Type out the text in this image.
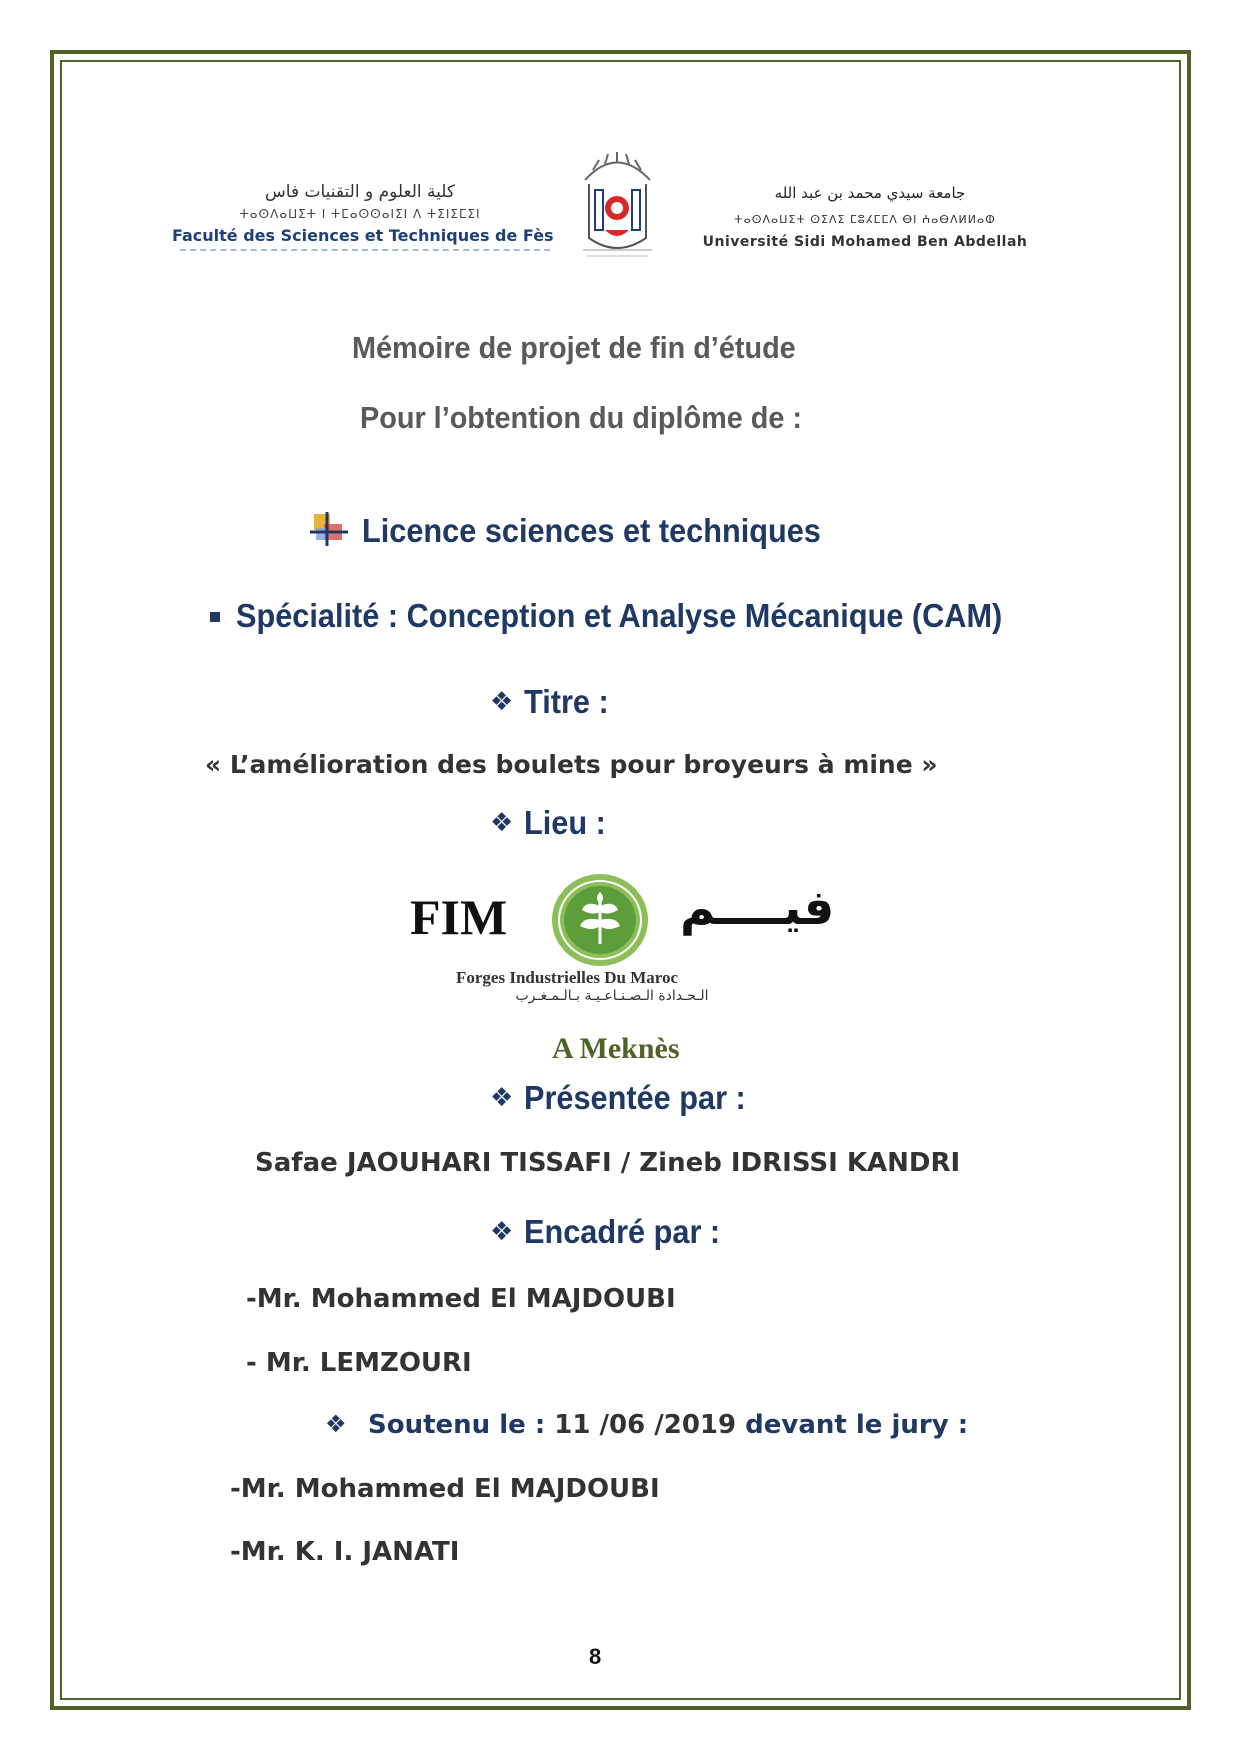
كلية العلوم و التقنيات فاس
ⵜⴰⵙⴷⴰⵡⵉⵜ ⵏ ⵜⵎⴰⵙⵙⴰⵏⵉⵏ ⴷ ⵜⵉⵏⵉⵎⵉⵏ
Faculté des Sciences et Techniques de Fès
جامعة سيدي محمد بن عبد الله
ⵜⴰⵙⴷⴰⵡⵉⵜ ⵙⵉⴷⵉ ⵎⵓⵃⵎⵎⴷ ⴱⵏ ⵄⴰⴱⴷⵍⵍⴰⵀ
Université Sidi Mohamed Ben Abdellah
Mémoire de projet de fin d’étude
Pour l’obtention du diplôme de :
Licence sciences et techniques
Spécialité : Conception et Analyse Mécanique (CAM)
❖ Titre :
« L’amélioration des boulets pour broyeurs à mine »
❖ Lieu :
FIM	فيــــم
Forges Industrielles Du Maroc
الـحـدادة الـصـنـاعـيـة بـالـمـغـرب
A Meknès
❖ Présentée par :
Safae JAOUHARI TISSAFI / Zineb IDRISSI KANDRI
❖ Encadré par :
-Mr. Mohammed El MAJDOUBI
- Mr. LEMZOURI
❖ Soutenu le : 11 /06 /2019 devant le jury :
-Mr. Mohammed El MAJDOUBI
-Mr. K. I. JANATI
8
